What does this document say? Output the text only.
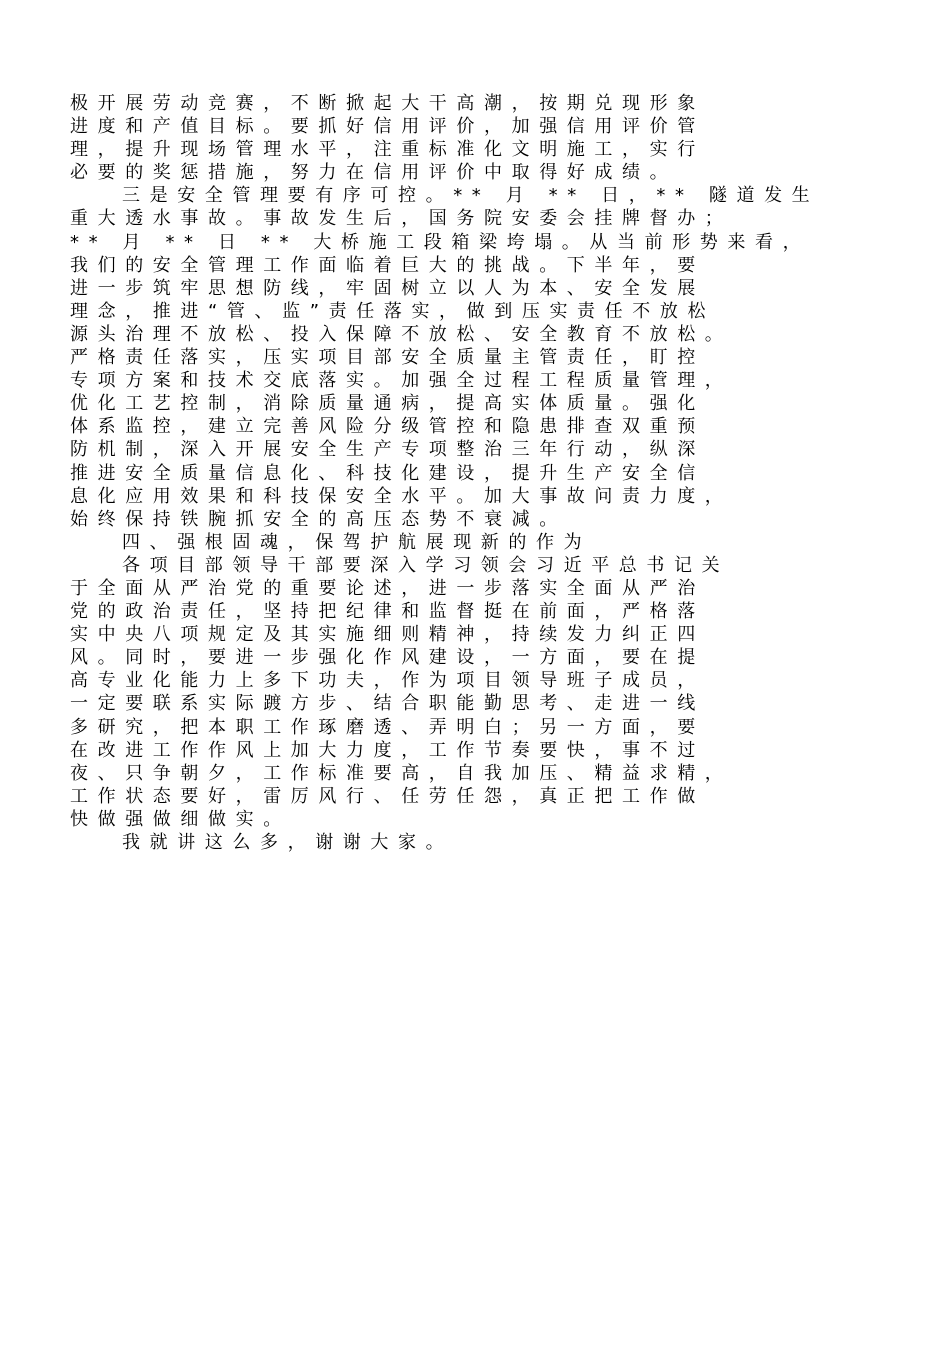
极开展劳动竞赛，不断掀起大干高潮，按期兑现形象
进度和产值目标。要抓好信用评价，加强信用评价管
理，提升现场管理水平，注重标准化文明施工，实行
必要的奖惩措施，努力在信用评价中取得好成绩。
三是安全管理要有序可控。** 月 ** 日，** 隧道发生
重大透水事故。事故发生后，国务院安委会挂牌督办；
** 月 ** 日 ** 大桥施工段箱梁垮塌。从当前形势来看，
我们的安全管理工作面临着巨大的挑战。下半年，要
进一步筑牢思想防线，牢固树立以人为本、安全发展
理念，推进“管、监”责任落实，做到压实责任不放松
源头治理不放松、投入保障不放松、安全教育不放松。
严格责任落实，压实项目部安全质量主管责任，盯控
专项方案和技术交底落实。加强全过程工程质量管理，
优化工艺控制，消除质量通病，提高实体质量。强化
体系监控，建立完善风险分级管控和隐患排查双重预
防机制，深入开展安全生产专项整治三年行动，纵深
推进安全质量信息化、科技化建设，提升生产安全信
息化应用效果和科技保安全水平。加大事故问责力度，
始终保持铁腕抓安全的高压态势不衰减。
四、强根固魂，保驾护航展现新的作为
各项目部领导干部要深入学习领会习近平总书记关
于全面从严治党的重要论述，进一步落实全面从严治
党的政治责任，坚持把纪律和监督挺在前面，严格落
实中央八项规定及其实施细则精神，持续发力纠正四
风。同时，要进一步强化作风建设，一方面，要在提
高专业化能力上多下功夫，作为项目领导班子成员，
一定要联系实际踱方步、结合职能勤思考、走进一线
多研究，把本职工作琢磨透、弄明白；另一方面，要
在改进工作作风上加大力度，工作节奏要快，事不过
夜、只争朝夕，工作标准要高，自我加压、精益求精，
工作状态要好，雷厉风行、任劳任怨，真正把工作做
快做强做细做实。
我就讲这么多，谢谢大家。
